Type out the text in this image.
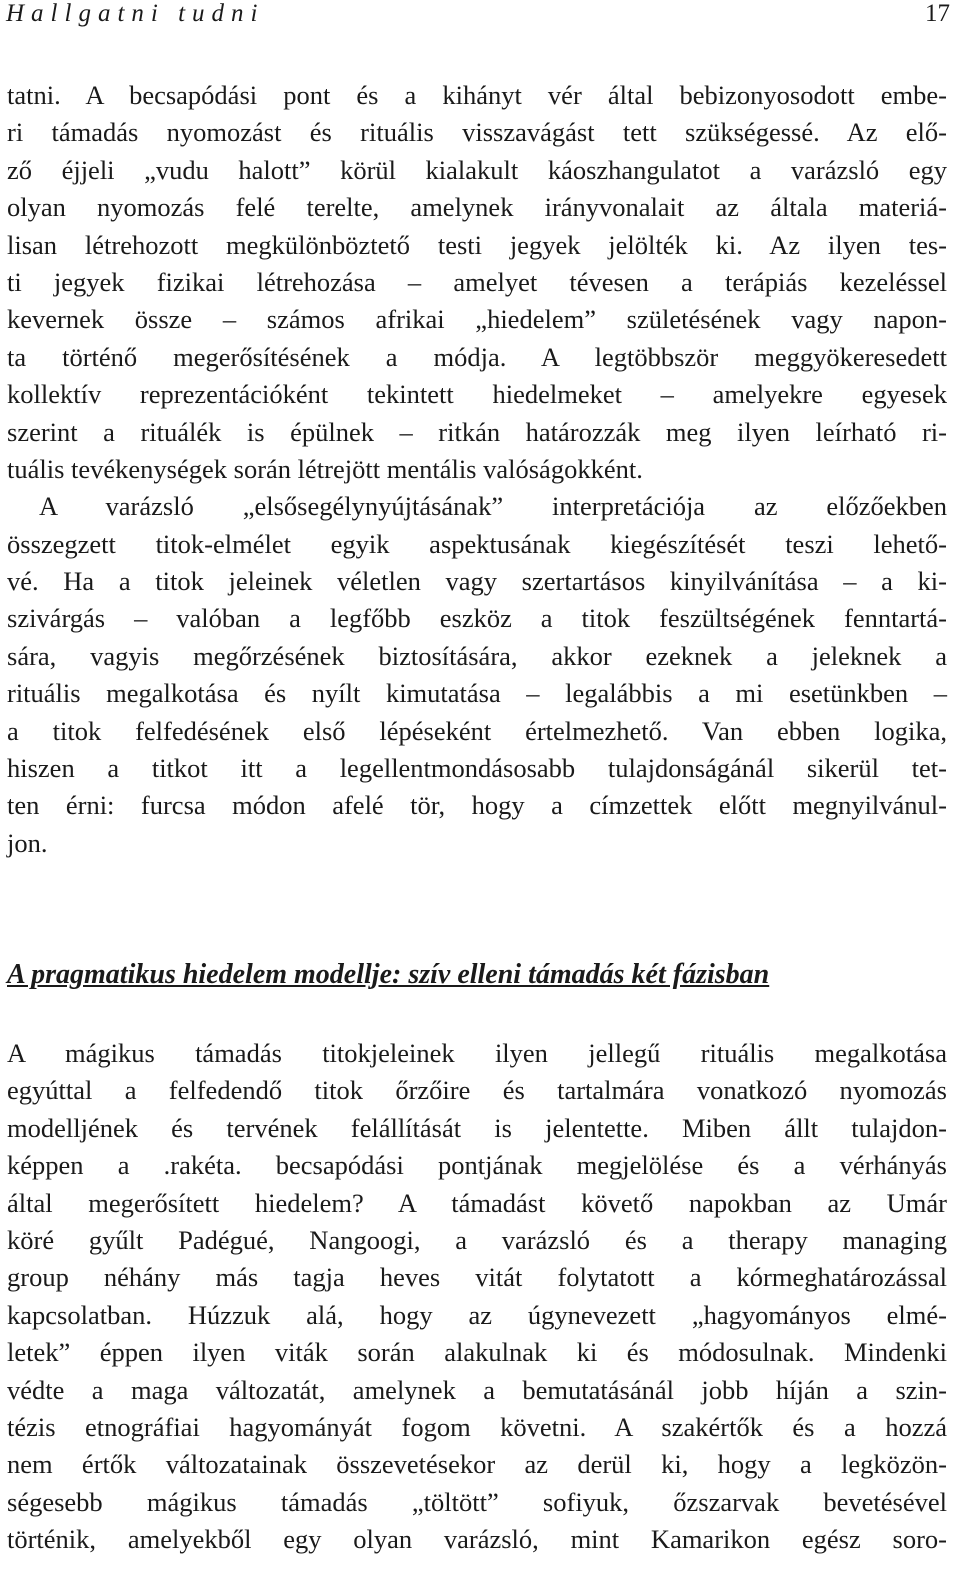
Hallgatni tudni	17
tatni. A becsapódási pont és a kihányt vér által bebizonyosodott embe-
ri támadás nyomozást és rituális visszavágást tett szükségessé. Az elő-
ző éjjeli „vudu halott” körül kialakult káoszhangulatot a varázsló egy
olyan nyomozás felé terelte, amelynek irányvonalait az általa materiá-
lisan létrehozott megkülönböztető testi jegyek jelölték ki. Az ilyen tes-
ti jegyek fizikai létrehozása – amelyet tévesen a terápiás kezeléssel
kevernek össze – számos afrikai „hiedelem” születésének vagy napon-
ta történő megerősítésének a módja. A legtöbbször meggyökeresedett
kollektív reprezentációként tekintett hiedelmeket – amelyekre egyesek
szerint a rituálék is épülnek – ritkán határozzák meg ilyen leírható ri-
tuális tevékenységek során létrejött mentális valóságokként.
A varázsló „elsősegélynyújtásának” interpretációja az előzőekben
összegzett titok-elmélet egyik aspektusának kiegészítését teszi lehető-
vé. Ha a titok jeleinek véletlen vagy szertartásos kinyilvánítása – a ki-
szivárgás – valóban a legfőbb eszköz a titok feszültségének fenntartá-
sára, vagyis megőrzésének biztosítására, akkor ezeknek a jeleknek a
rituális megalkotása és nyílt kimutatása – legalábbis a mi esetünkben –
a titok felfedésének első lépéseként értelmezhető. Van ebben logika,
hiszen a titkot itt a legellentmondásosabb tulajdonságánál sikerül tet-
ten érni: furcsa módon afelé tör, hogy a címzettek előtt megnyilvánul-
jon.
A pragmatikus hiedelem modellje: szív elleni támadás két fázisban
A mágikus támadás titokjeleinek ilyen jellegű rituális megalkotása
egyúttal a felfedendő titok őrzőire és tartalmára vonatkozó nyomozás
modelljének és tervének felállítását is jelentette. Miben állt tulajdon-
képpen a .rakéta. becsapódási pontjának megjelölése és a vérhányás
által megerősített hiedelem? A támadást követő napokban az Umár
köré gyűlt Padégué, Nangoogi, a varázsló és a therapy managing
group néhány más tagja heves vitát folytatott a kórmeghatározással
kapcsolatban. Húzzuk alá, hogy az úgynevezett „hagyományos elmé-
letek” éppen ilyen viták során alakulnak ki és módosulnak. Mindenki
védte a maga változatát, amelynek a bemutatásánál jobb híján a szin-
tézis etnográfiai hagyományát fogom követni. A szakértők és a hozzá
nem értők változatainak összevetésekor az derül ki, hogy a legközön-
ségesebb mágikus támadás „töltött” sofiyuk, őzszarvak bevetésével
történik, amelyekből egy olyan varázsló, mint Kamarikon egész soro-
